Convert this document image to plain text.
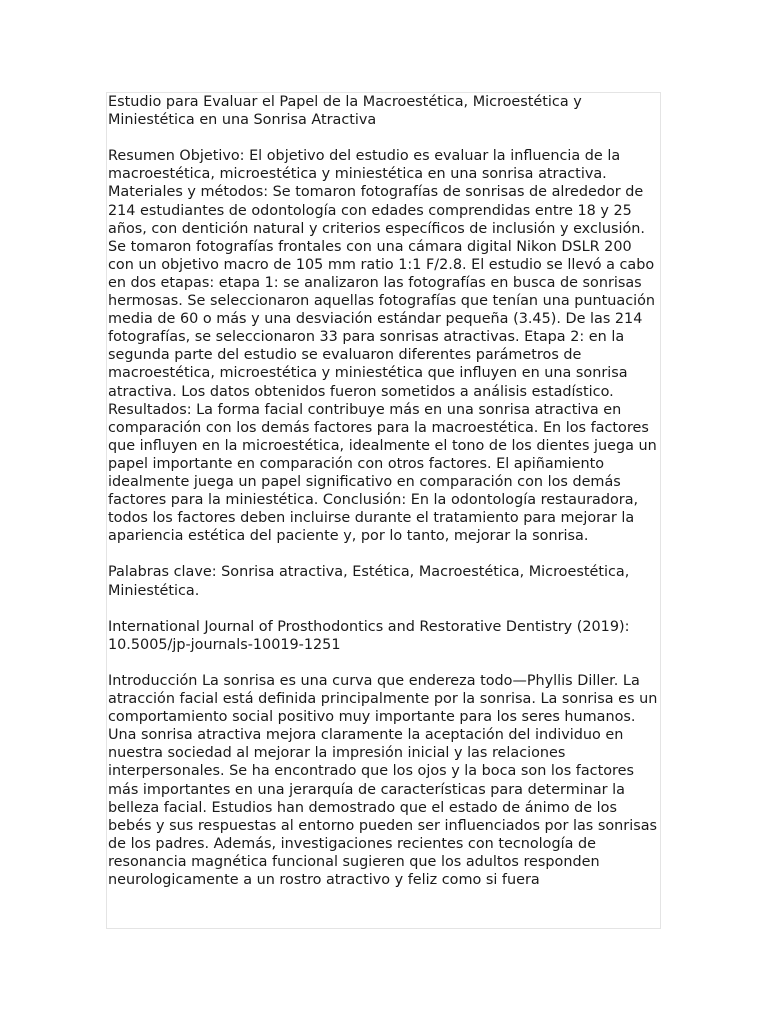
Estudio para Evaluar el Papel de la Macroestética, Microestética y Miniestética en una Sonrisa Atractiva

Resumen Objetivo: El objetivo del estudio es evaluar la influencia de la macroestética, microestética y miniestética en una sonrisa atractiva. Materiales y métodos: Se tomaron fotografías de sonrisas de alrededor de 214 estudiantes de odontología con edades comprendidas entre 18 y 25 años, con dentición natural y criterios específicos de inclusión y exclusión. Se tomaron fotografías frontales con una cámara digital Nikon DSLR 200 con un objetivo macro de 105 mm ratio 1:1 F/2.8. El estudio se llevó a cabo en dos etapas: etapa 1: se analizaron las fotografías en busca de sonrisas hermosas. Se seleccionaron aquellas fotografías que tenían una puntuación media de 60 o más y una desviación estándar pequeña (3.45). De las 214 fotografías, se seleccionaron 33 para sonrisas atractivas. Etapa 2: en la segunda parte del estudio se evaluaron diferentes parámetros de macroestética, microestética y miniestética que influyen en una sonrisa atractiva. Los datos obtenidos fueron sometidos a análisis estadístico. Resultados: La forma facial contribuye más en una sonrisa atractiva en comparación con los demás factores para la macroestética. En los factores que influyen en la microestética, idealmente el tono de los dientes juega un papel importante en comparación con otros factores. El apiñamiento idealmente juega un papel significativo en comparación con los demás factores para la miniestética. Conclusión: En la odontología restauradora, todos los factores deben incluirse durante el tratamiento para mejorar la apariencia estética del paciente y, por lo tanto, mejorar la sonrisa.

Palabras clave: Sonrisa atractiva, Estética, Macroestética, Microestética, Miniestética.

International Journal of Prosthodontics and Restorative Dentistry (2019): 10.5005/jp-journals-10019-1251

Introducción La sonrisa es una curva que endereza todo—Phyllis Diller. La atracción facial está definida principalmente por la sonrisa. La sonrisa es un comportamiento social positivo muy importante para los seres humanos. Una sonrisa atractiva mejora claramente la aceptación del individuo en nuestra sociedad al mejorar la impresión inicial y las relaciones interpersonales. Se ha encontrado que los ojos y la boca son los factores más importantes en una jerarquía de características para determinar la belleza facial. Estudios han demostrado que el estado de ánimo de los bebés y sus respuestas al entorno pueden ser influenciados por las sonrisas de los padres. Además, investigaciones recientes con tecnología de resonancia magnética funcional sugieren que los adultos responden neurologicamente a un rostro atractivo y feliz como si fuera
